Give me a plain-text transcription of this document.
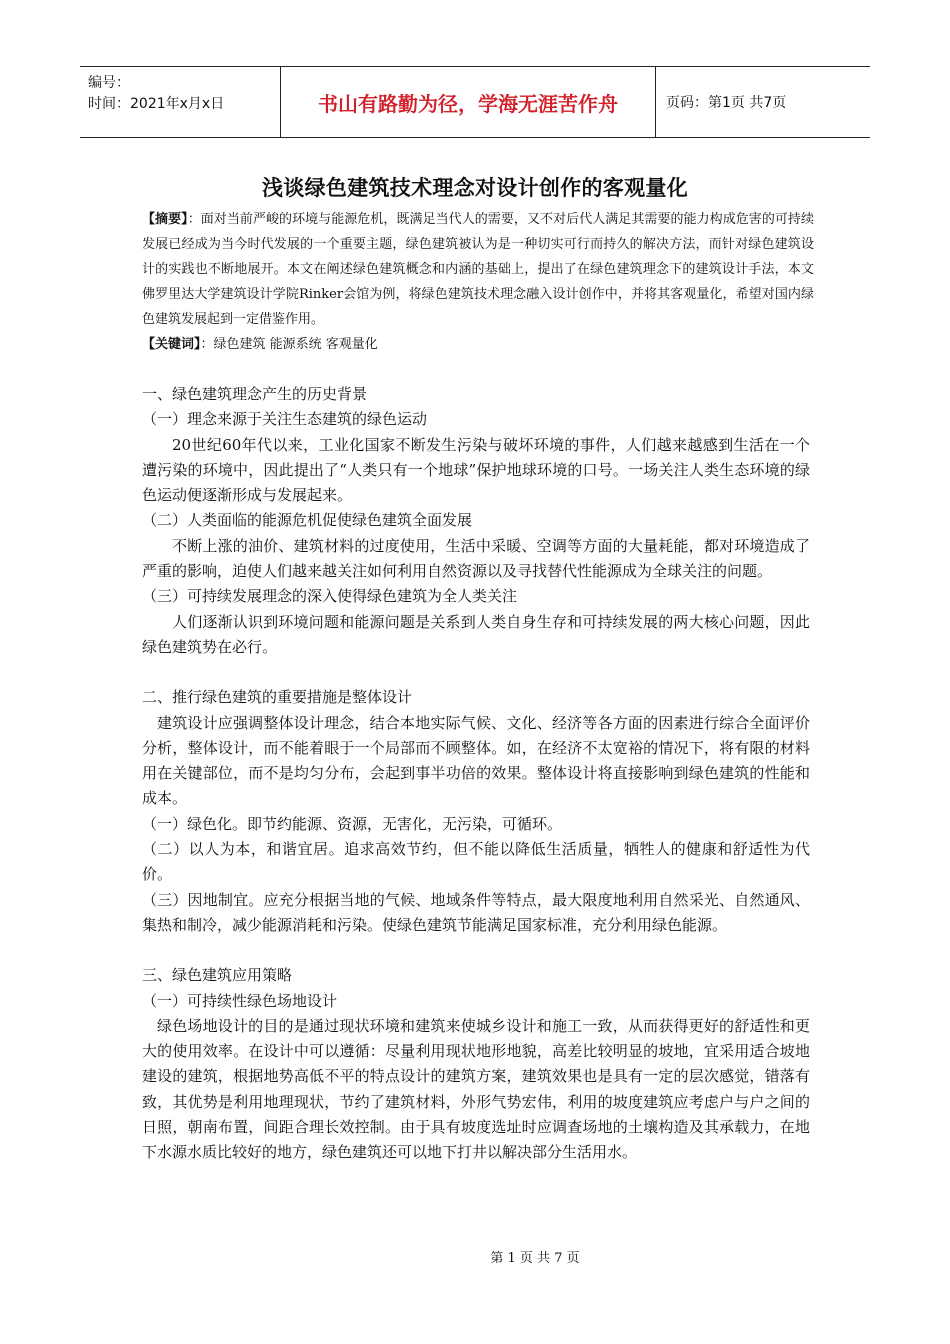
编号：
时间：2021年x月x日	书山有路勤为径，学海无涯苦作舟	页码：第1页 共7页
浅谈绿色建筑技术理念对设计创作的客观量化
【摘要】：面对当前严峻的环境与能源危机，既满足当代人的需要，又不对后代人满足其需要的能力构成危害的可持续发展已经成为当今时代发展的一个重要主题，绿色建筑被认为是一种切实可行而持久的解决方法，而针对绿色建筑设计的实践也不断地展开。本文在阐述绿色建筑概念和内涵的基础上，提出了在绿色建筑理念下的建筑设计手法，本文佛罗里达大学建筑设计学院Rinker会馆为例，将绿色建筑技术理念融入设计创作中，并将其客观量化，希望对国内绿色建筑发展起到一定借鉴作用。
【关键词】：绿色建筑 能源系统 客观量化

一、绿色建筑理念产生的历史背景

（一）理念来源于关注生态建筑的绿色运动

20世纪60年代以来，工业化国家不断发生污染与破坏环境的事件，人们越来越感到生活在一个遭污染的环境中，因此提出了“人类只有一个地球”保护地球环境的口号。一场关注人类生态环境的绿色运动便逐渐形成与发展起来。

（二）人类面临的能源危机促使绿色建筑全面发展

不断上涨的油价、建筑材料的过度使用，生活中采暖、空调等方面的大量耗能，都对环境造成了严重的影响，迫使人们越来越关注如何利用自然资源以及寻找替代性能源成为全球关注的问题。

（三）可持续发展理念的深入使得绿色建筑为全人类关注

人们逐渐认识到环境问题和能源问题是关系到人类自身生存和可持续发展的两大核心问题，因此绿色建筑势在必行。

二、推行绿色建筑的重要措施是整体设计

建筑设计应强调整体设计理念，结合本地实际气候、文化、经济等各方面的因素进行综合全面评价分析，整体设计，而不能着眼于一个局部而不顾整体。如，在经济不太宽裕的情况下，将有限的材料用在关键部位，而不是均匀分布，会起到事半功倍的效果。整体设计将直接影响到绿色建筑的性能和成本。

（一）绿色化。即节约能源、资源，无害化，无污染，可循环。

（二）以人为本，和谐宜居。追求高效节约，但不能以降低生活质量，牺牲人的健康和舒适性为代价。

（三）因地制宜。应充分根据当地的气候、地域条件等特点，最大限度地利用自然采光、自然通风、集热和制冷，减少能源消耗和污染。使绿色建筑节能满足国家标准，充分利用绿色能源。

三、绿色建筑应用策略

（一）可持续性绿色场地设计

绿色场地设计的目的是通过现状环境和建筑来使城乡设计和施工一致，从而获得更好的舒适性和更大的使用效率。在设计中可以遵循：尽量利用现状地形地貌，高差比较明显的坡地，宜采用适合坡地建设的建筑，根据地势高低不平的特点设计的建筑方案，建筑效果也是具有一定的层次感觉，错落有致，其优势是利用地理现状，节约了建筑材料，外形气势宏伟，利用的坡度建筑应考虑户与户之间的日照，朝南布置，间距合理长效控制。由于具有坡度选址时应调查场地的土壤构造及其承载力，在地下水源水质比较好的地方，绿色建筑还可以地下打井以解决部分生活用水。

第 1 页 共 7 页
